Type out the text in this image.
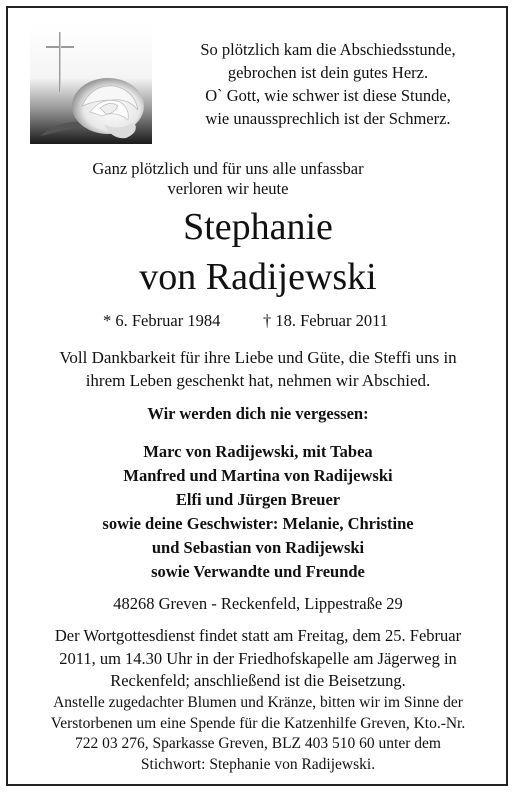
So plötzlich kam die Abschiedsstunde,
gebrochen ist dein gutes Herz.
O` Gott, wie schwer ist diese Stunde,
wie unaussprechlich ist der Schmerz.
Ganz plötzlich und für uns alle unfassbar
verloren wir heute
Stephanie
von Radijewski
* 6. Februar 1984	† 18. Februar 2011
Voll Dankbarkeit für ihre Liebe und Güte, die Steffi uns in
ihrem Leben geschenkt hat, nehmen wir Abschied.
Wir werden dich nie vergessen:
Marc von Radijewski, mit Tabea
Manfred und Martina von Radijewski
Elfi und Jürgen Breuer
sowie deine Geschwister: Melanie, Christine
und Sebastian von Radijewski
sowie Verwandte und Freunde
48268 Greven - Reckenfeld, Lippestraße 29
Der Wortgottesdienst findet statt am Freitag, dem 25. Februar
2011, um 14.30 Uhr in der Friedhofskapelle am Jägerweg in
Reckenfeld; anschließend ist die Beisetzung.
Anstelle zugedachter Blumen und Kränze, bitten wir im Sinne der
Verstorbenen um eine Spende für die Katzenhilfe Greven, Kto.-Nr.
722 03 276, Sparkasse Greven, BLZ 403 510 60 unter dem
Stichwort: Stephanie von Radijewski.
